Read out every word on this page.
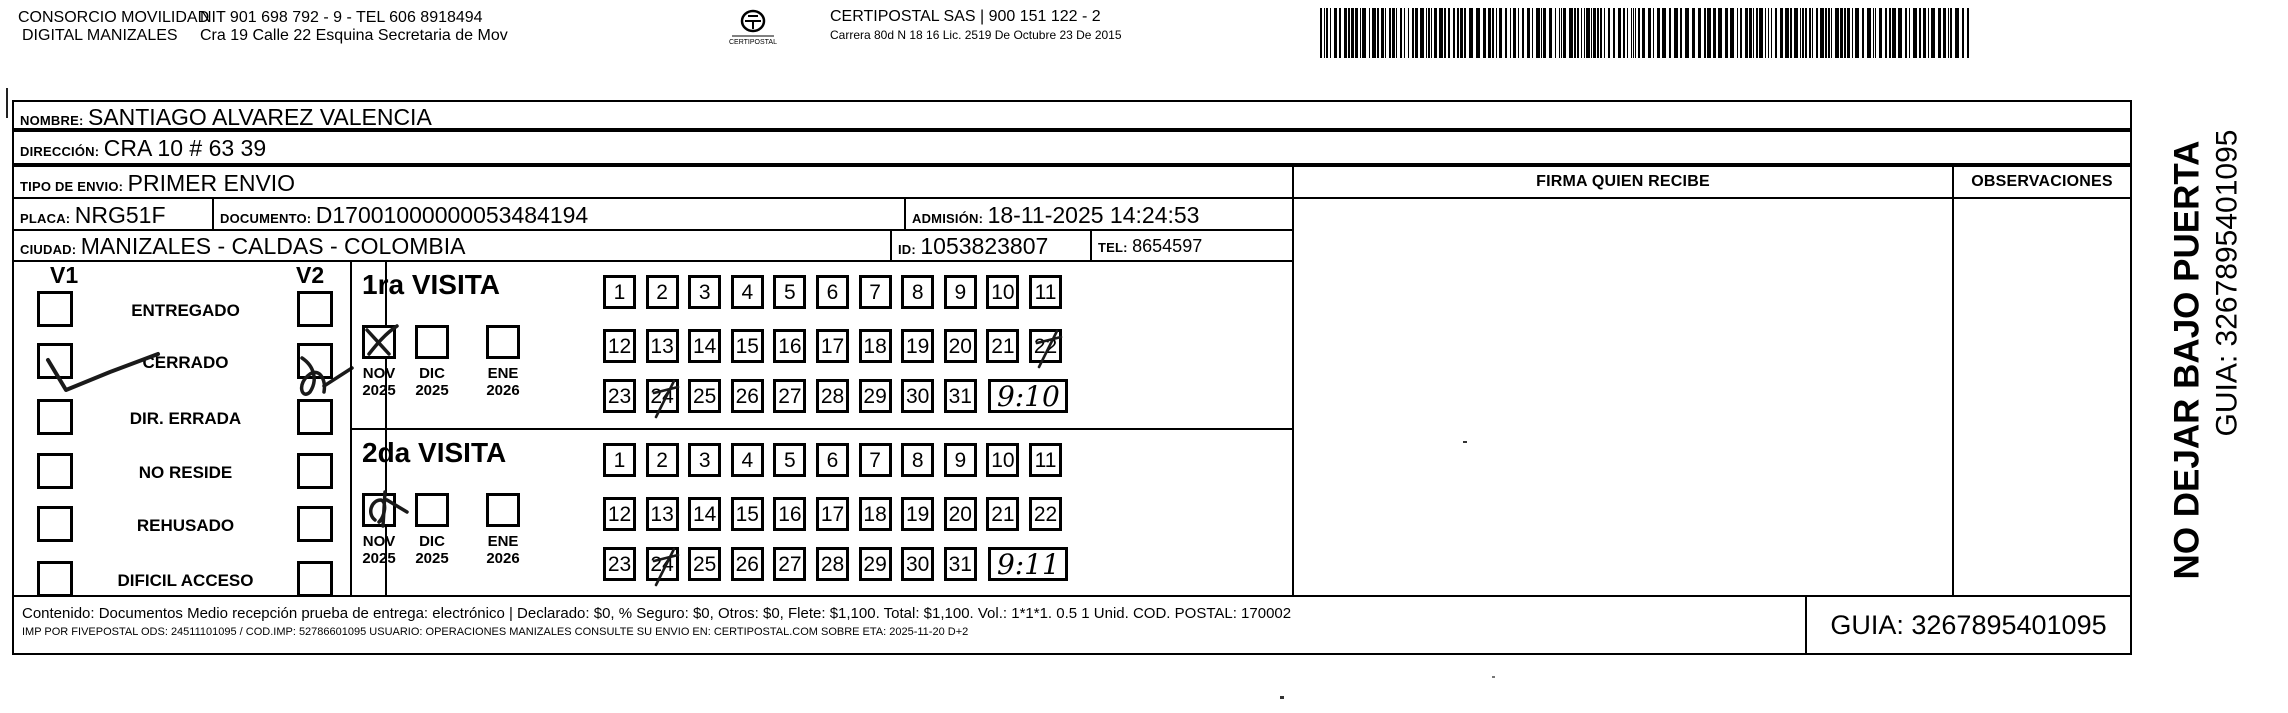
CONSORCIO MOVILIDAD
DIGITAL MANIZALES
NIT 901 698 792 - 9 - TEL 606 8918494
Cra 19 Calle 22 Esquina Secretaria de Mov	CERTIPOSTAL
CERTIPOSTAL SAS | 900 151 122 - 2
Carrera 80d N 18 16 Lic. 2519 De Octubre 23 De 2015
NOMBRE: SANTIAGO ALVAREZ VALENCIA
DIRECCIÓN: CRA 10 # 63 39
TIPO DE ENVIO: PRIMER ENVIO	FIRMA QUIEN RECIBE	OBSERVACIONES
PLACA: NRG51F	DOCUMENTO: D17001000000053484194	ADMISIÓN: 18-11-2025 14:24:53
CIUDAD: MANIZALES - CALDAS - COLOMBIA	ID: 1053823807	TEL: 8654597
V1	V2
ENTREGADO
CERRADO
DIR. ERRADA
NO RESIDE
REHUSADO
DIFICIL ACCESO
1ra VISITA
NOV
2025
DIC
2025
ENE
2026
1	2	3	4	5	6	7	8	9	10 11
12 13 14 15 16 17 18 19 20 21 22
23 24 25 26 27 28 29 30 31 9:10
2da VISITA
NOV
2025
DIC
2025
ENE
2026
1	2	3	4	5	6	7	8	9	10 11
12 13 14 15 16 17 18 19 20 21 22
23 24 25 26 27 28 29 30 31 9:11
Contenido: Documentos Medio recepción prueba de entrega: electrónico | Declarado: $0, % Seguro: $0, Otros: $0, Flete: $1,100. Total: $1,100. Vol.: 1*1*1. 0.5 1 Unid. COD. POSTAL: 170002
IMP POR FIVEPOSTAL ODS: 24511101095 / COD.IMP: 52786601095 USUARIO: OPERACIONES MANIZALES CONSULTE SU ENVIO EN: CERTIPOSTAL.COM SOBRE ETA: 2025-11-20 D+2	GUIA: 3267895401095
NO DEJAR BAJO PUERTA GUIA: 3267895401095
